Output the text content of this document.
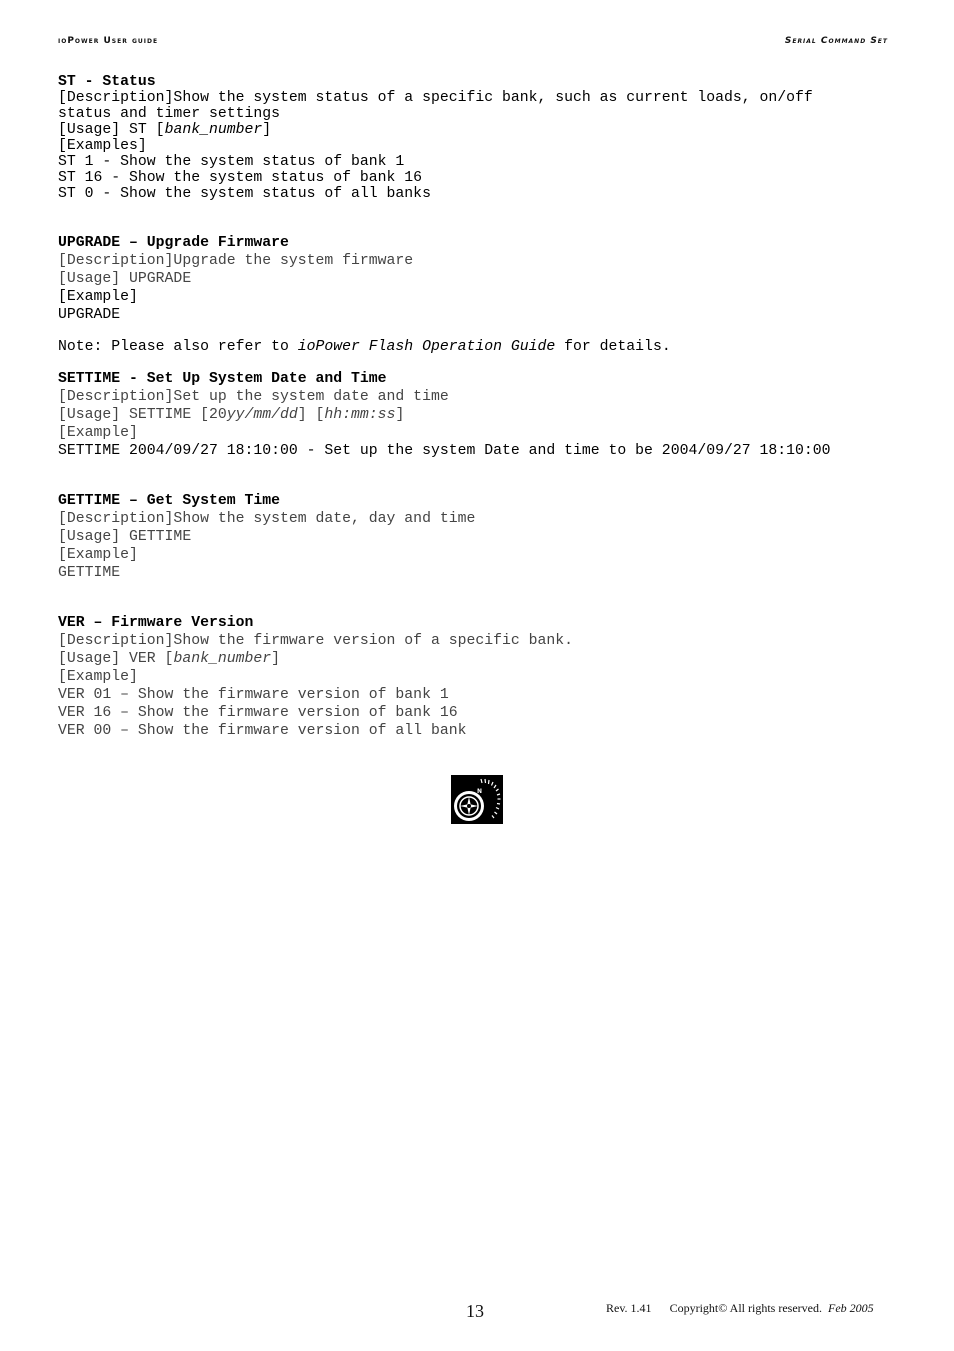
ioPower User guide	Serial Command Set
ST - Status
[Description]Show the system status of a specific bank, such as current loads, on/off
status and timer settings
[Usage] ST [bank_number]
[Examples]
ST 1 - Show the system status of bank 1
ST 16 - Show the system status of bank 16
ST 0 - Show the system status of all banks
UPGRADE – Upgrade Firmware
[Description]Upgrade the system firmware
[Usage] UPGRADE
[Example]
UPGRADE
Note: Please also refer to ioPower Flash Operation Guide for details.
SETTIME - Set Up System Date and Time
[Description]Set up the system date and time
[Usage] SETTIME [20yy/mm/dd] [hh:mm:ss]
[Example]
SETTIME 2004/09/27 18:10:00 - Set up the system Date and time to be 2004/09/27 18:10:00
GETTIME – Get System Time
[Description]Show the system date, day and time
[Usage] GETTIME
[Example]
GETTIME
VER – Firmware Version
[Description]Show the firmware version of a specific bank.
[Usage] VER [bank_number]
[Example]
VER 01 – Show the firmware version of bank 1
VER 16 – Show the firmware version of bank 16
VER 00 – Show the firmware version of all bank
N
13	Rev. 1.41 Copyright© All rights reserved. Feb 2005
